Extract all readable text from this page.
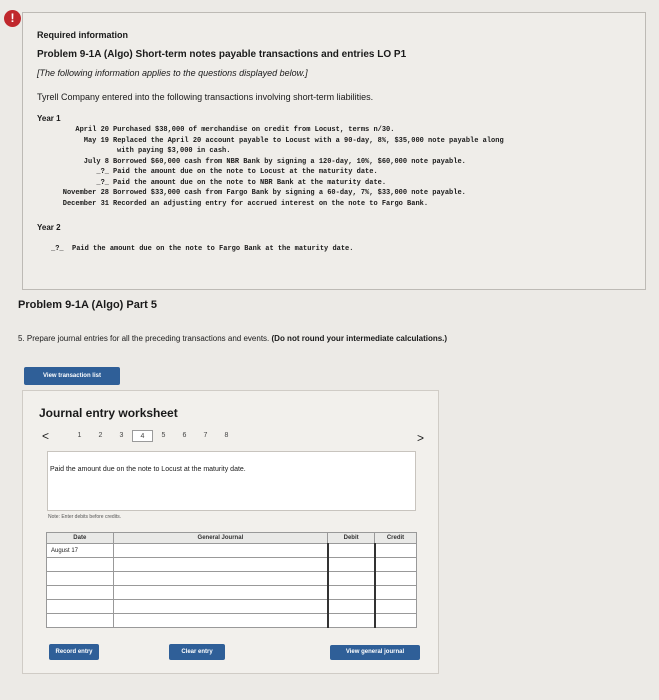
!
Required information
Problem 9-1A (Algo) Short-term notes payable transactions and entries LO P1
[The following information applies to the questions displayed below.]
Tyrell Company entered into the following transactions involving short-term liabilities.
Year 1
April 20 Purchased $38,000 of merchandise on credit from Locust, terms n/30.
May 19 Replaced the April 20 account payable to Locust with a 90-day, 8%, $35,000 note payable along
with paying $3,000 in cash.
July 8 Borrowed $60,000 cash from NBR Bank by signing a 120-day, 10%, $60,000 note payable.
_?_ Paid the amount due on the note to Locust at the maturity date.
_?_ Paid the amount due on the note to NBR Bank at the maturity date.
November 28 Borrowed $33,000 cash from Fargo Bank by signing a 60-day, 7%, $33,000 note payable.
December 31 Recorded an adjusting entry for accrued interest on the note to Fargo Bank.
Year 2
_?_
Paid the amount due on the note to Fargo Bank at the maturity date.
Problem 9-1A (Algo) Part 5
5. Prepare journal entries for all the preceding transactions and events. (Do not round your intermediate calculations.)
View transaction list
Journal entry worksheet
<	1	2	3	4	5	6	7	8	>
Paid the amount due on the note to Locust at the maturity date.
Note: Enter debits before credits.
Date	General Journal	Debit	Credit
August 17			

Record entry	Clear entry	View general journal
